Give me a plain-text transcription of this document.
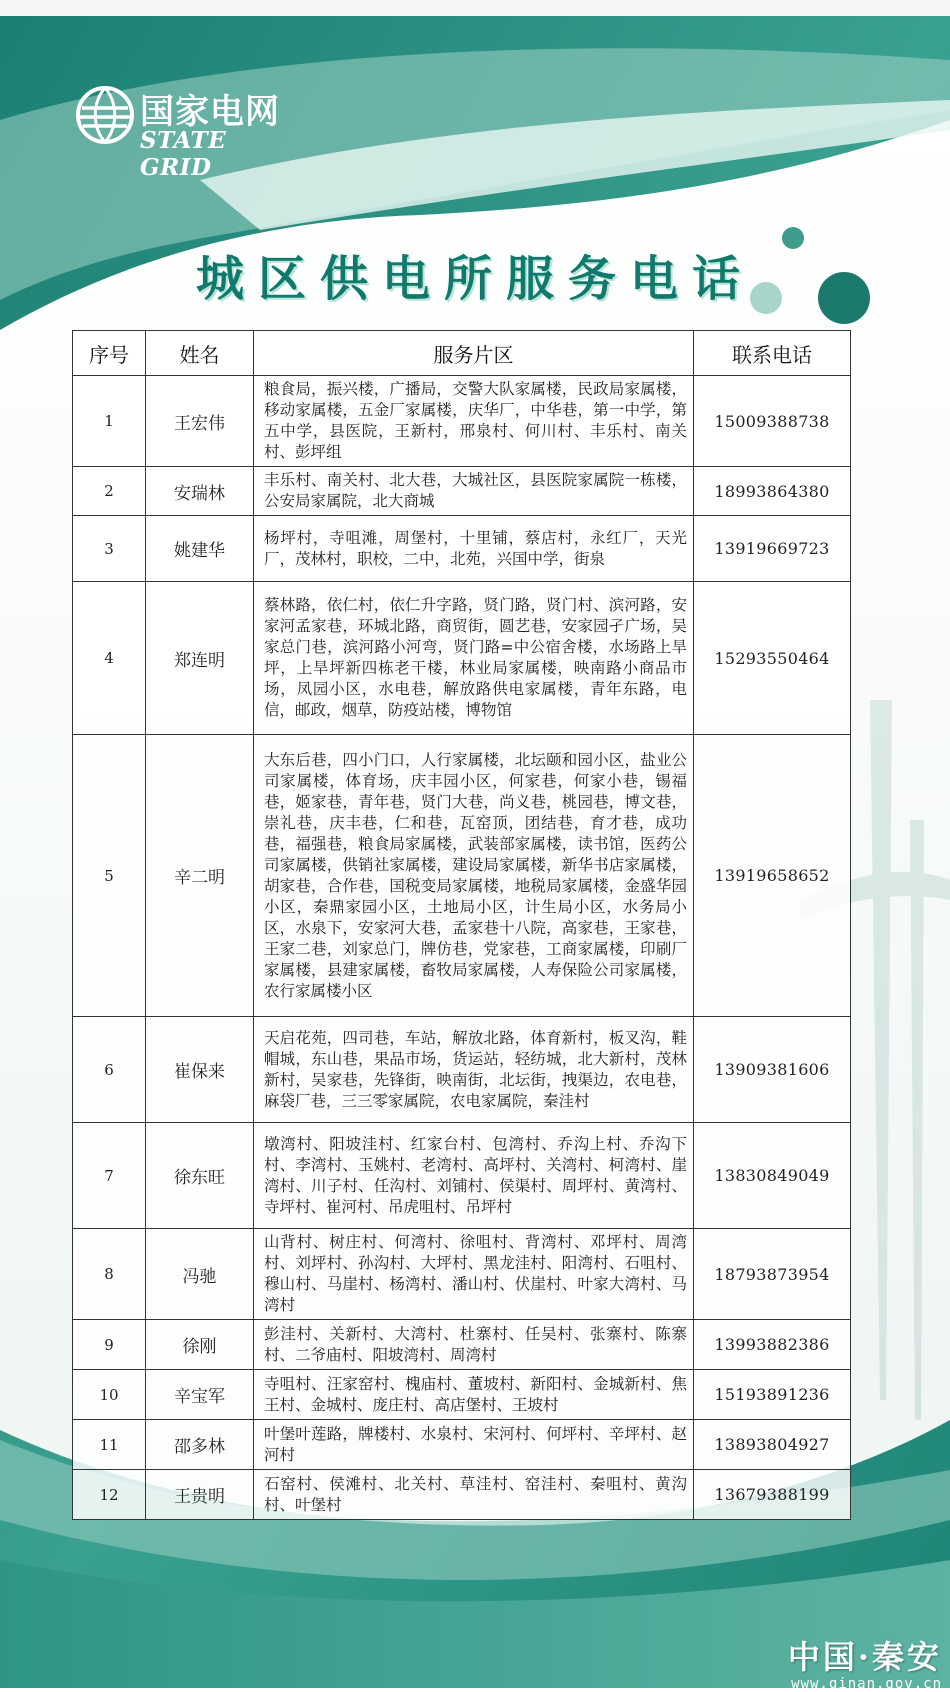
国家电网
STATE GRID
城区供电所服务电话
序号	姓名	服务片区	联系电话
1	王宏伟	粮食局，振兴楼，广播局，交警大队家属楼，民政局家属楼，移动家属楼，五金厂家属楼，庆华厂，中华巷，第一中学，第五中学，县医院，王新村，邢泉村、何川村、丰乐村、南关村、彭坪组	15009388738
2	安瑞林	丰乐村、南关村、北大巷，大城社区，县医院家属院一栋楼，公安局家属院，北大商城	18993864380
3	姚建华	杨坪村，寺咀滩，周堡村，十里铺，蔡店村，永红厂，天光厂，茂林村，职校，二中，北苑，兴国中学，街泉	13919669723
4	郑连明	蔡林路，依仁村，依仁升字路，贤门路，贤门村、滨河路，安家河孟家巷，环城北路，商贸街，圆艺巷，安家园孑广场，吴家总门巷，滨河路小河弯，贤门路=中公宿舍楼，水场路上旱坪，上旱坪新四栋老干楼，林业局家属楼，映南路小商品市场，凤园小区，水电巷，解放路供电家属楼，青年东路，电信，邮政，烟草，防疫站楼，博物馆	15293550464
5	辛二明	大东后巷，四小门口，人行家属楼，北坛颐和园小区，盐业公司家属楼，体育场，庆丰园小区，何家巷，何家小巷，锡福巷，姬家巷，青年巷，贤门大巷，尚义巷，桃园巷，博文巷，崇礼巷，庆丰巷，仁和巷，瓦窑顶，团结巷，育才巷，成功巷，福强巷，粮食局家属楼，武装部家属楼，读书馆，医药公司家属楼，供销社家属楼，建设局家属楼，新华书店家属楼，胡家巷，合作巷，国税变局家属楼，地税局家属楼，金盛华园小区，秦鼎家园小区，土地局小区，计生局小区，水务局小区，水泉下，安家河大巷，孟家巷十八院，高家巷，王家巷，王家二巷，刘家总门，牌仿巷，党家巷，工商家属楼，印刷厂家属楼，县建家属楼，畜牧局家属楼，人寿保险公司家属楼，农行家属楼小区	13919658652
6	崔保来	天启花苑，四司巷，车站，解放北路，体育新村，板叉沟，鞋帽城，东山巷，果品市场，货运站，轻纺城，北大新村，茂林新村，吴家巷，先锋街，映南街，北坛街，拽渠边，农电巷，麻袋厂巷，三三零家属院，农电家属院，秦洼村	13909381606
7	徐东旺	墩湾村、阳坡洼村、红家台村、包湾村、乔沟上村、乔沟下村、李湾村、玉姚村、老湾村、高坪村、关湾村、柯湾村、崖湾村、川子村、任沟村、刘铺村、侯渠村、周坪村、黄湾村、寺坪村、崔河村、吊虎咀村、吊坪村	13830849049
8	冯驰	山背村、树庄村、何湾村、徐咀村、背湾村、邓坪村、周湾村、刘坪村、孙沟村、大坪村、黑龙洼村、阳湾村、石咀村、穆山村、马崖村、杨湾村、潘山村、伏崖村、叶家大湾村、马湾村	18793873954
9	徐刚	彭洼村、关新村、大湾村、杜寨村、任吴村、张寨村、陈寨村、二爷庙村、阳坡湾村、周湾村	13993882386
10	辛宝军	寺咀村、汪家窑村、槐庙村、董坡村、新阳村、金城新村、焦王村、金城村、庞庄村、高店堡村、王坡村	15193891236
11	邵多林	叶堡叶莲路，牌楼村、水泉村、宋河村、何坪村、辛坪村、赵河村	13893804927
12	王贵明	石窑村、侯滩村、北关村、草洼村、窑洼村、秦咀村、黄沟村、叶堡村	13679388199
中国·秦安
www.qinan.gov.cn
